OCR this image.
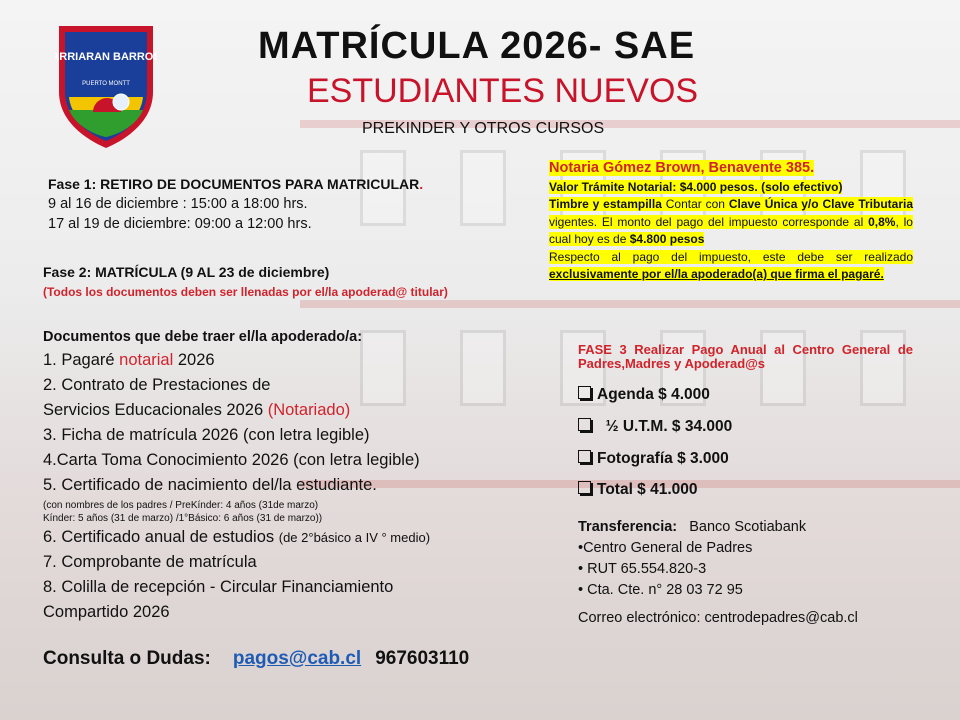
ARRIARAN BARROS
PUERTO MONTT
MATRÍCULA 2026- SAE
ESTUDIANTES NUEVOS
PREKINDER Y OTROS CURSOS
Fase 1: RETIRO DE DOCUMENTOS PARA MATRICULAR.
9 al 16 de diciembre : 15:00 a 18:00 hrs.
17 al 19 de diciembre: 09:00 a 12:00 hrs.
Fase 2: MATRÍCULA (9 AL 23 de diciembre)
(Todos los documentos deben ser llenadas por el/la apoderad@ titular)
Documentos que debe traer el/la apoderado/a:
1. Pagaré notarial 2026
2. Contrato de Prestaciones de
Servicios Educacionales 2026 (Notariado)
3. Ficha de matrícula 2026 (con letra legible)
4.Carta Toma Conocimiento 2026 (con letra legible)
5. Certificado de nacimiento del/la estudiante.
(con nombres de los padres / PreKínder: 4 años (31de marzo)
Kínder: 5 años (31 de marzo) /1°Básico: 6 años (31 de marzo))
6. Certificado anual de estudios (de 2°básico a IV ° medio)
7. Comprobante de matrícula
8. Colilla de recepción - Circular Financiamiento
Compartido 2026
Notaria Gómez Brown, Benavente 385.
Valor Trámite Notarial: $4.000 pesos. (solo efectivo)
Timbre y estampilla Contar con Clave Única y/o Clave Tributaria vigentes. El monto del pago del impuesto corresponde al 0,8%, lo cual hoy es de $4.800 pesos
Respecto al pago del impuesto, este debe ser realizado exclusivamente por el/la apoderado(a) que firma el pagaré.
FASE 3 Realizar Pago Anual al Centro General de Padres,Madres y Apoderad@s
Agenda $ 4.000
½ U.T.M. $ 34.000
Fotografía $ 3.000
Total $ 41.000
Transferencia:   Banco Scotiabank
•Centro General de Padres
• RUT 65.554.820-3
• Cta. Cte. n° 28 03 72 95
Correo electrónico: centrodepadres@cab.cl
Consulta o Dudas: pagos@cab.cl 967603110
